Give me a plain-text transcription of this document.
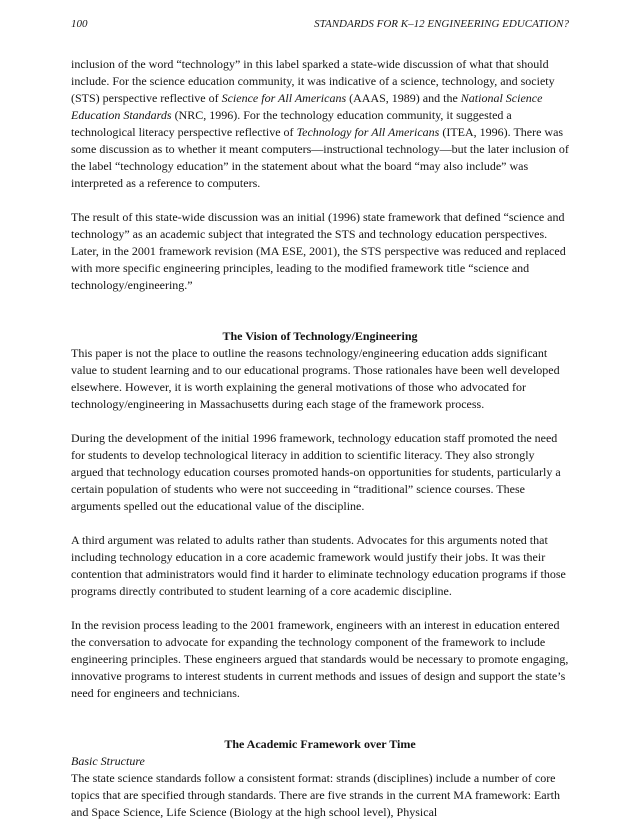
100	STANDARDS FOR K–12 ENGINEERING EDUCATION?

inclusion of the word “technology” in this label sparked a state-wide discussion of what that should include. For the science education community, it was indicative of a science, technology, and society (STS) perspective reflective of Science for All Americans (AAAS, 1989) and the National Science Education Standards (NRC, 1996). For the technology education community, it suggested a technological literacy perspective reflective of Technology for All Americans (ITEA, 1996). There was some discussion as to whether it meant computers—instructional technology—but the later inclusion of the label “technology education” in the statement about what the board “may also include” was interpreted as a reference to computers.

The result of this state-wide discussion was an initial (1996) state framework that defined “science and technology” as an academic subject that integrated the STS and technology education perspectives. Later, in the 2001 framework revision (MA ESE, 2001), the STS perspective was reduced and replaced with more specific engineering principles, leading to the modified framework title “science and technology/engineering.”

The Vision of Technology/Engineering

This paper is not the place to outline the reasons technology/engineering education adds significant value to student learning and to our educational programs. Those rationales have been well developed elsewhere. However, it is worth explaining the general motivations of those who advocated for technology/engineering in Massachusetts during each stage of the framework process.

During the development of the initial 1996 framework, technology education staff promoted the need for students to develop technological literacy in addition to scientific literacy. They also strongly argued that technology education courses promoted hands-on opportunities for students, particularly a certain population of students who were not succeeding in “traditional” science courses. These arguments spelled out the educational value of the discipline.

A third argument was related to adults rather than students. Advocates for this arguments noted that including technology education in a core academic framework would justify their jobs. It was their contention that administrators would find it harder to eliminate technology education programs if those programs directly contributed to student learning of a core academic discipline.

In the revision process leading to the 2001 framework, engineers with an interest in education entered the conversation to advocate for expanding the technology component of the framework to include engineering principles. These engineers argued that standards would be necessary to promote engaging, innovative programs to interest students in current methods and issues of design and support the state’s need for engineers and technicians.

The Academic Framework over Time

Basic Structure

The state science standards follow a consistent format: strands (disciplines) include a number of core topics that are specified through standards. There are five strands in the current MA framework: Earth and Space Science, Life Science (Biology at the high school level), Physical
